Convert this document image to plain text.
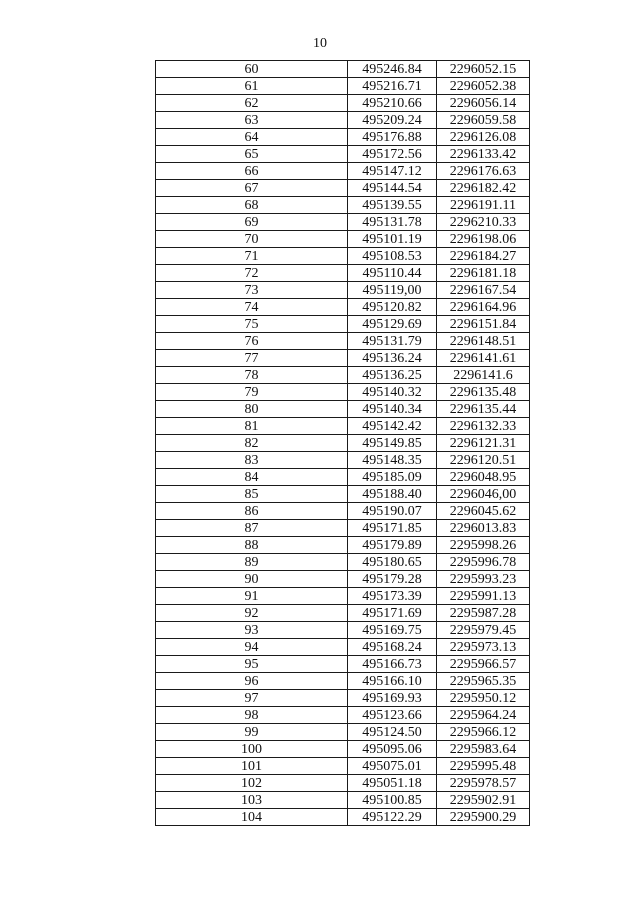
10
60	495246.84	2296052.15
61	495216.71	2296052.38
62	495210.66	2296056.14
63	495209.24	2296059.58
64	495176.88	2296126.08
65	495172.56	2296133.42
66	495147.12	2296176.63
67	495144.54	2296182.42
68	495139.55	2296191.11
69	495131.78	2296210.33
70	495101.19	2296198.06
71	495108.53	2296184.27
72	495110.44	2296181.18
73	495119,00	2296167.54
74	495120.82	2296164.96
75	495129.69	2296151.84
76	495131.79	2296148.51
77	495136.24	2296141.61
78	495136.25	2296141.6
79	495140.32	2296135.48
80	495140.34	2296135.44
81	495142.42	2296132.33
82	495149.85	2296121.31
83	495148.35	2296120.51
84	495185.09	2296048.95
85	495188.40	2296046,00
86	495190.07	2296045.62
87	495171.85	2296013.83
88	495179.89	2295998.26
89	495180.65	2295996.78
90	495179.28	2295993.23
91	495173.39	2295991.13
92	495171.69	2295987.28
93	495169.75	2295979.45
94	495168.24	2295973.13
95	495166.73	2295966.57
96	495166.10	2295965.35
97	495169.93	2295950.12
98	495123.66	2295964.24
99	495124.50	2295966.12
100	495095.06	2295983.64
101	495075.01	2295995.48
102	495051.18	2295978.57
103	495100.85	2295902.91
104	495122.29	2295900.29
